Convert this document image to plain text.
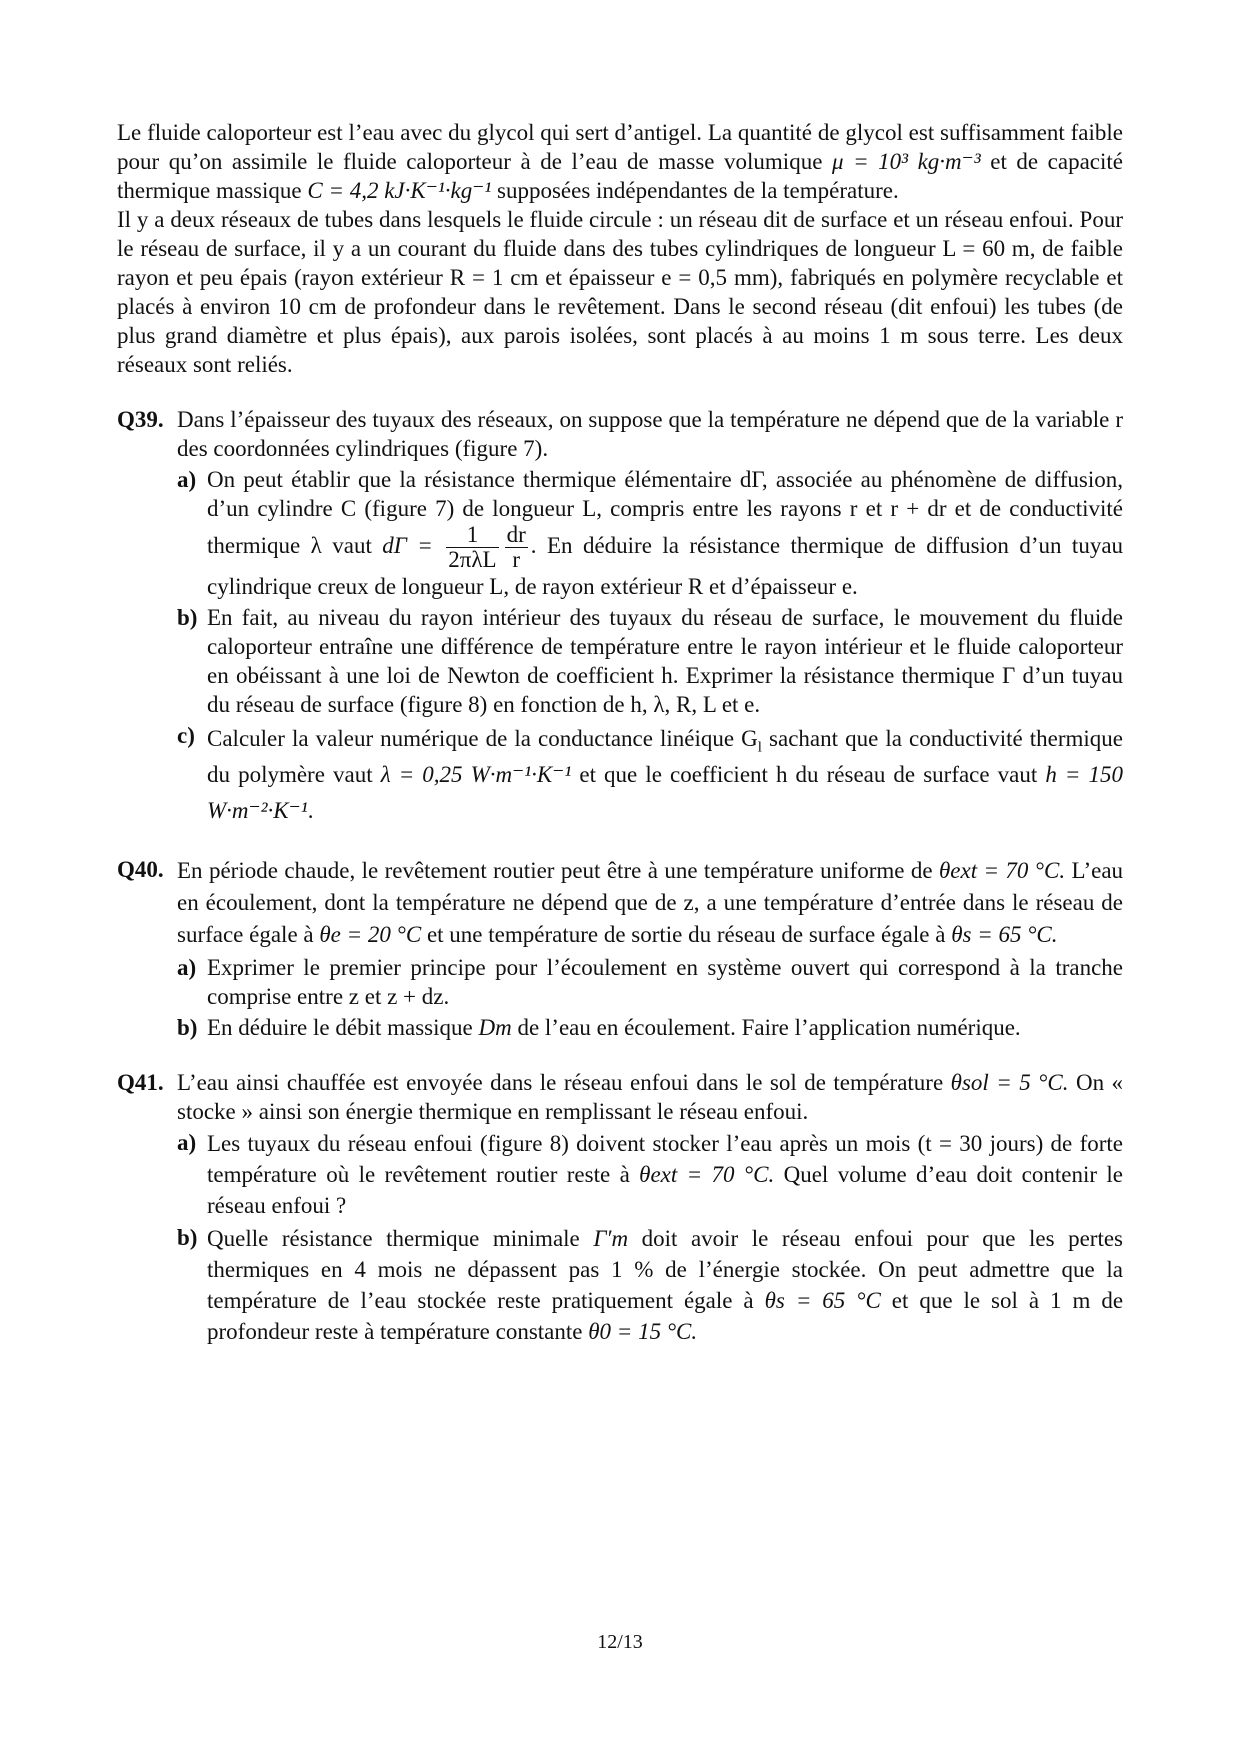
Le fluide caloporteur est l’eau avec du glycol qui sert d’antigel. La quantité de glycol est suffisamment faible pour qu’on assimile le fluide caloporteur à de l’eau de masse volumique μ = 10³ kg·m⁻³ et de capacité thermique massique C = 4,2 kJ·K⁻¹·kg⁻¹ supposées indépendantes de la température.

Il y a deux réseaux de tubes dans lesquels le fluide circule : un réseau dit de surface et un réseau enfoui. Pour le réseau de surface, il y a un courant du fluide dans des tubes cylindriques de longueur L = 60 m, de faible rayon et peu épais (rayon extérieur R = 1 cm et épaisseur e = 0,5 mm), fabriqués en polymère recyclable et placés à environ 10 cm de profondeur dans le revêtement. Dans le second réseau (dit enfoui) les tubes (de plus grand diamètre et plus épais), aux parois isolées, sont placés à au moins 1 m sous terre. Les deux réseaux sont reliés.

Q39. Dans l’épaisseur des tuyaux des réseaux, on suppose que la température ne dépend que de la variable r des coordonnées cylindriques (figure 7).

a) On peut établir que la résistance thermique élémentaire dΓ, associée au phénomène de diffusion, d’un cylindre C (figure 7) de longueur L, compris entre les rayons r et r + dr et de conductivité thermique λ vaut $d\Gamma = \frac{1}{\text{2πλL}} \frac{dr}{r}$ . En déduire la résistance thermique de diffusion d’un tuyau cylindrique creux de longueur L, de rayon extérieur R et d’épaisseur e.

b) En fait, au niveau du rayon intérieur des tuyaux du réseau de surface, le mouvement du fluide caloporteur entraîne une différence de température entre le rayon intérieur et le fluide caloporteur en obéissant à une loi de Newton de coefficient h. Exprimer la résistance thermique Γ d’un tuyau du réseau de surface (figure 8) en fonction de h, λ, R, L et e.

c) Calculer la valeur numérique de la conductance linéique $G_l$ sachant que la conductivité thermique du polymère vaut λ = 0,25 W·m⁻¹·K⁻¹ et que le coefficient h du réseau de surface vaut h = 150 W·m⁻²·K⁻¹.

Q40. En période chaude, le revêtement routier peut être à une température uniforme de θext = 70 °C. L’eau en écoulement, dont la température ne dépend que de z, a une température d’entrée dans le réseau de surface égale à θe = 20 °C et une température de sortie du réseau de surface égale à θs = 65 °C.

a) Exprimer le premier principe pour l’écoulement en système ouvert qui correspond à la tranche comprise entre z et z + dz.

b) En déduire le débit massique Dm de l’eau en écoulement. Faire l’application numérique.

Q41. L’eau ainsi chauffée est envoyée dans le réseau enfoui dans le sol de température θsol = 5 °C. On « stocke » ainsi son énergie thermique en remplissant le réseau enfoui.

a) Les tuyaux du réseau enfoui (figure 8) doivent stocker l’eau après un mois (t = 30 jours) de forte température où le revêtement routier reste à θext = 70 °C. Quel volume d’eau doit contenir le réseau enfoui ?

b) Quelle résistance thermique minimale Γ′m doit avoir le réseau enfoui pour que les pertes thermiques en 4 mois ne dépassent pas 1 % de l’énergie stockée. On peut admettre que la température de l’eau stockée reste pratiquement égale à θs = 65 °C et que le sol à 1 m de profondeur reste à température constante θ0 = 15 °C.

12/13
